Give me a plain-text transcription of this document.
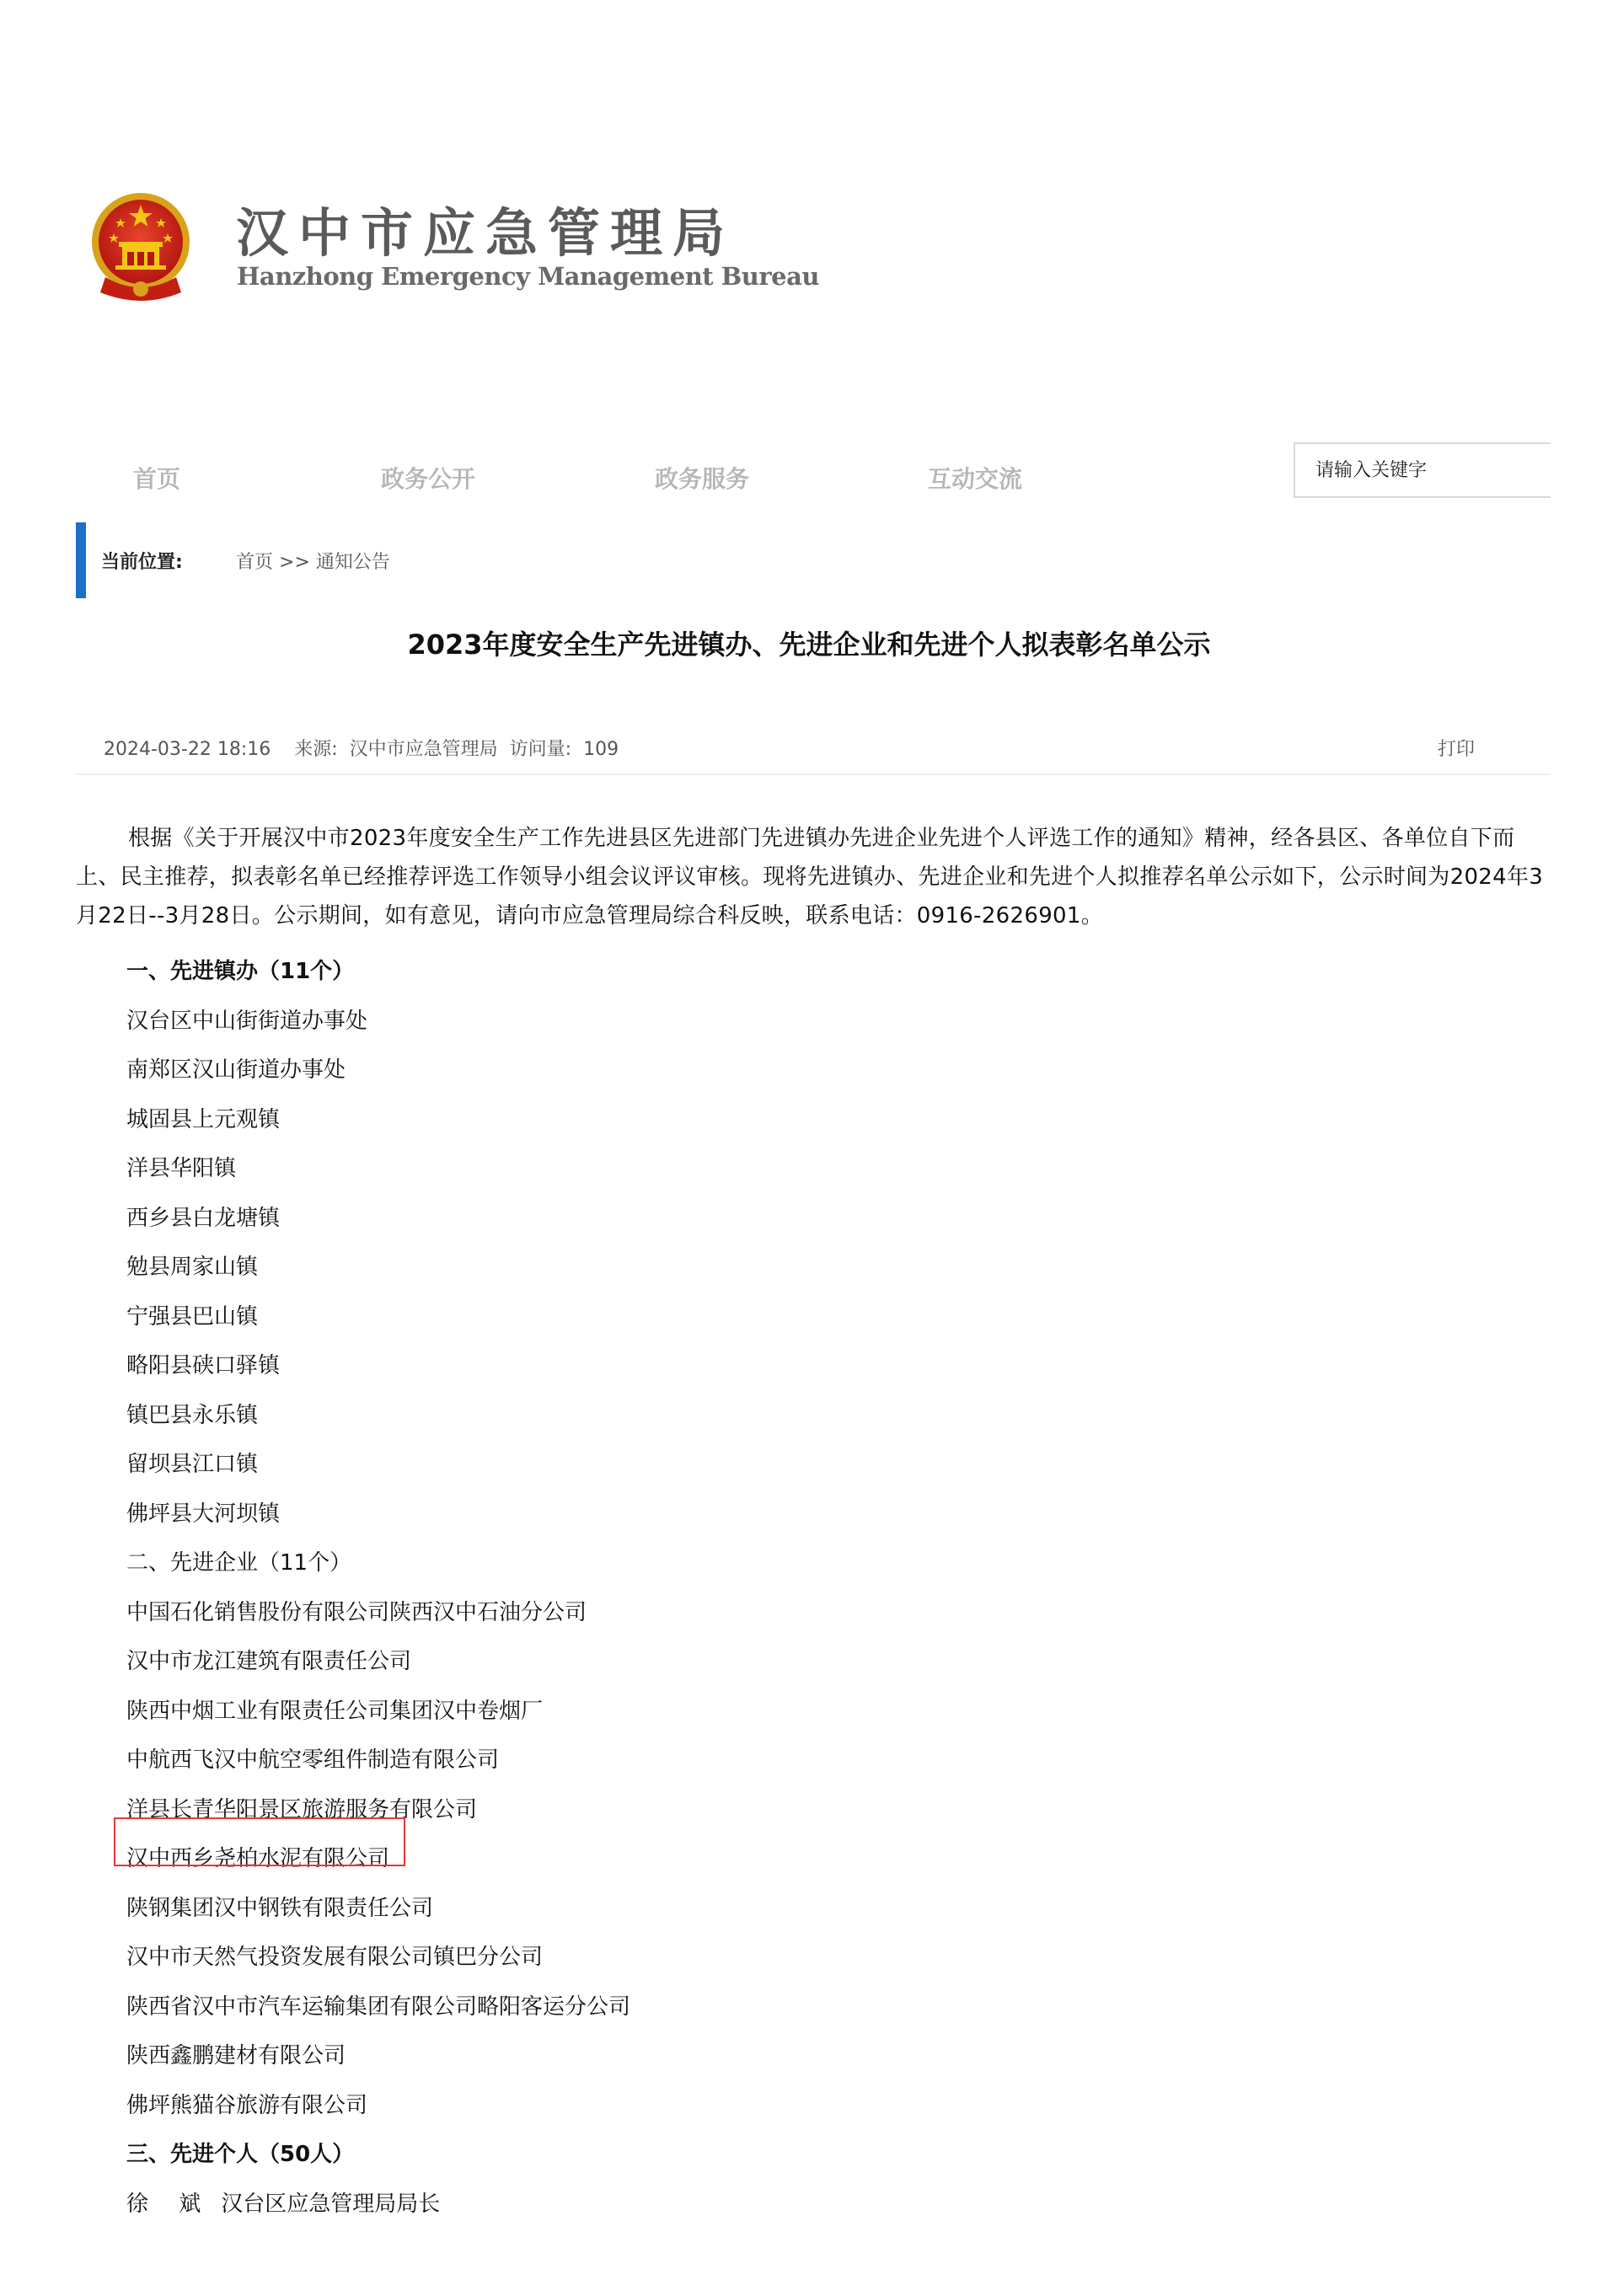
汉中市应急管理局
Hanzhong Emergency Management Bureau
首页	政务公开	政务服务	互动交流
请输入关键字
当前位置:	首页 >> 通知公告
2023年度安全生产先进镇办、先进企业和先进个人拟表彰名单公示
2024-03-22 18:16 来源: 汉中市应急管理局 访问量: 109	打印
根据《关于开展汉中市2023年度安全生产工作先进县区先进部门先进镇办先进企业先进个人评选工作的通知》精神，经各县区、各单位自下而上、民主推荐，拟表彰名单已经推荐评选工作领导小组会议评议审核。现将先进镇办、先进企业和先进个人拟推荐名单公示如下，公示时间为2024年3月22日--3月28日。公示期间，如有意见，请向市应急管理局综合科反映，联系电话：0916-2626901。
一、先进镇办（11个）
汉台区中山街街道办事处
南郑区汉山街道办事处
城固县上元观镇
洋县华阳镇
西乡县白龙塘镇
勉县周家山镇
宁强县巴山镇
略阳县硖口驿镇
镇巴县永乐镇
留坝县江口镇
佛坪县大河坝镇
二、先进企业（11个）
中国石化销售股份有限公司陕西汉中石油分公司
汉中市龙江建筑有限责任公司
陕西中烟工业有限责任公司集团汉中卷烟厂
中航西飞汉中航空零组件制造有限公司
洋县长青华阳景区旅游服务有限公司
汉中西乡尧柏水泥有限公司
陕钢集团汉中钢铁有限责任公司
汉中市天然气投资发展有限公司镇巴分公司
陕西省汉中市汽车运输集团有限公司略阳客运分公司
陕西鑫鹏建材有限公司
佛坪熊猫谷旅游有限公司
三、先进个人（50人）
徐 斌 汉台区应急管理局局长
